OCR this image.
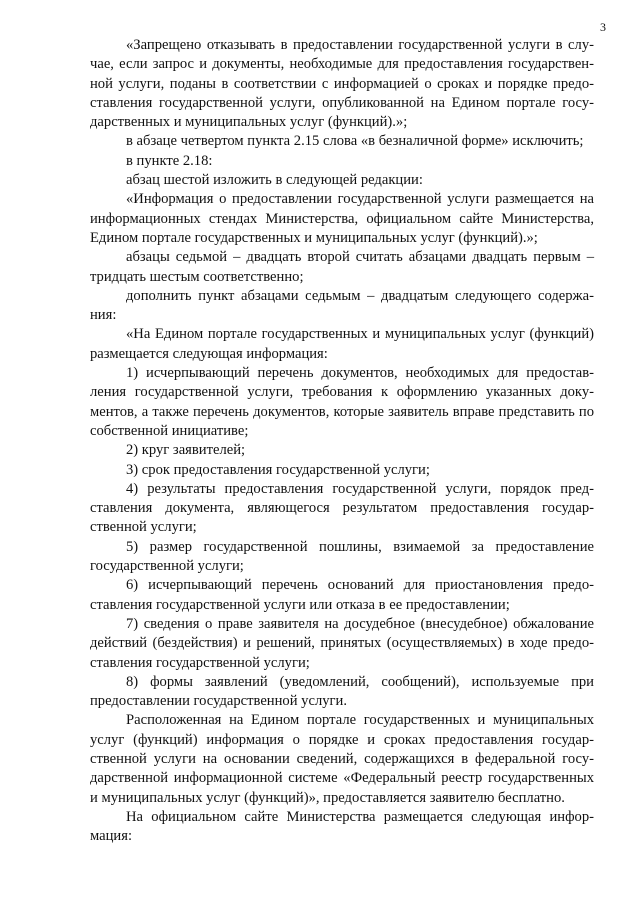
3

«Запрещено отказывать в предоставлении государственной услуги в случае, если запрос и документы, необходимые для предоставления государственной услуги, поданы в соответствии с информацией о сроках и порядке предоставления государственной услуги, опубликованной на Едином портале государственных и муниципальных услуг (функций).»;

в абзаце четвертом пункта 2.15 слова «в безналичной форме» исключить;

в пункте 2.18:

абзац шестой изложить в следующей редакции:

«Информация о предоставлении государственной услуги размещается на информационных стендах Министерства, официальном сайте Министерства, Едином портале государственных и муниципальных услуг (функций).»;

абзацы седьмой – двадцать второй считать абзацами двадцать первым – тридцать шестым соответственно;

дополнить пункт абзацами седьмым – двадцатым следующего содержания:

«На Едином портале государственных и муниципальных услуг (функций) размещается следующая информация:

1) исчерпывающий перечень документов, необходимых для предоставления государственной услуги, требования к оформлению указанных документов, а также перечень документов, которые заявитель вправе представить по собственной инициативе;

2) круг заявителей;

3) срок предоставления государственной услуги;

4) результаты предоставления государственной услуги, порядок представления документа, являющегося результатом предоставления государственной услуги;

5) размер государственной пошлины, взимаемой за предоставление государственной услуги;

6) исчерпывающий перечень оснований для приостановления предоставления государственной услуги или отказа в ее предоставлении;

7) сведения о праве заявителя на досудебное (внесудебное) обжалование действий (бездействия) и решений, принятых (осуществляемых) в ходе предоставления государственной услуги;

8) формы заявлений (уведомлений, сообщений), используемые при предоставлении государственной услуги.

Расположенная на Едином портале государственных и муниципальных услуг (функций) информация о порядке и сроках предоставления государственной услуги на основании сведений, содержащихся в федеральной государственной информационной системе «Федеральный реестр государственных и муниципальных услуг (функций)», предоставляется заявителю бесплатно.

На официальном сайте Министерства размещается следующая информация:
